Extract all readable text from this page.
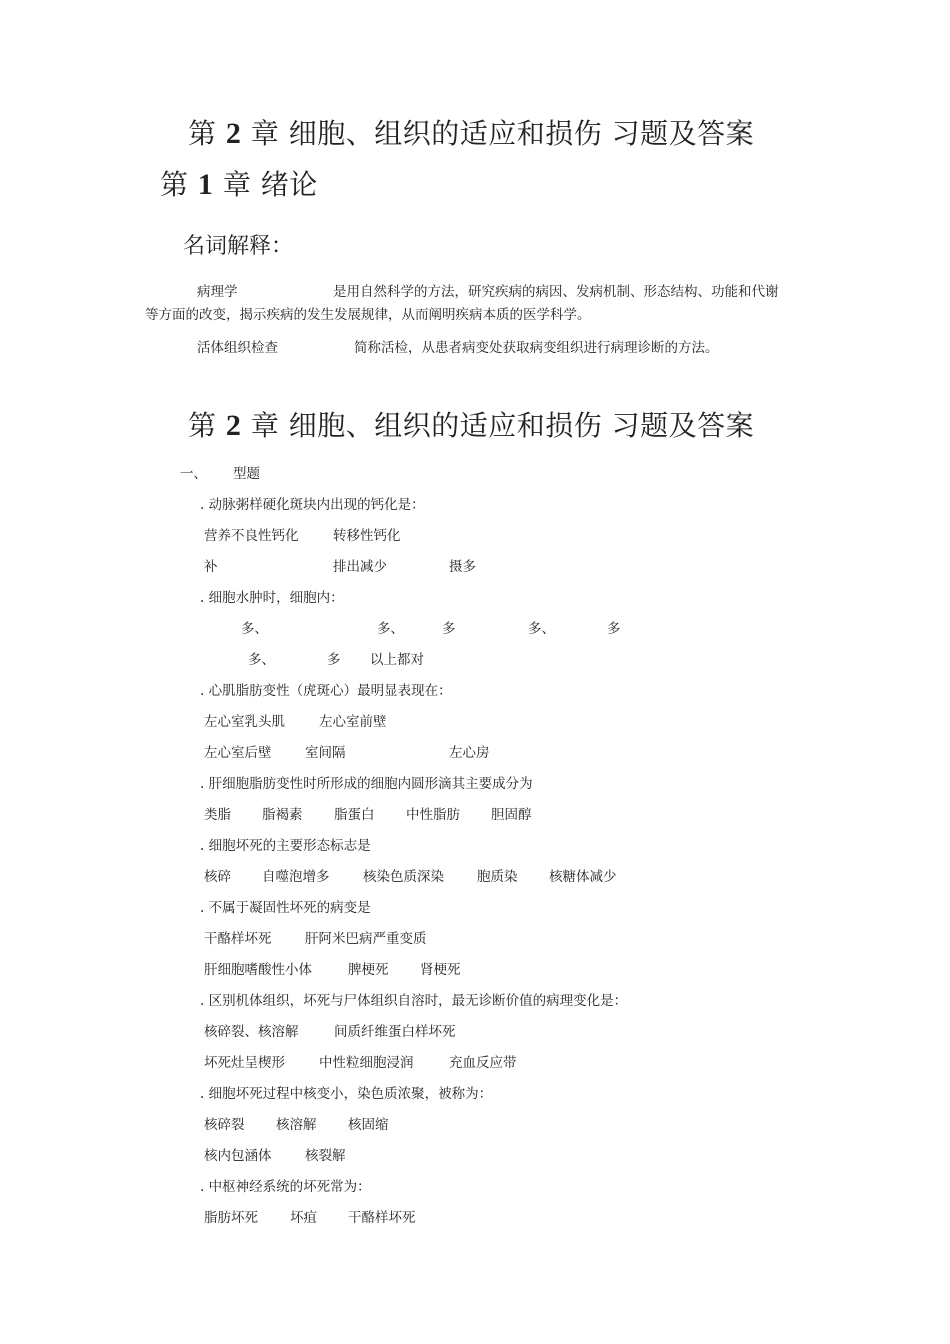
第 2 章 细胞、组织的适应和损伤 习题及答案
第 1 章 绪论
名词解释：
病理学	是用自然科学的方法，研究疾病的病因、发病机制、形态结构、功能和代谢
等方面的改变，揭示疾病的发生发展规律，从而阐明疾病本质的医学科学。
活体组织检查	简称活检，从患者病变处获取病变组织进行病理诊断的方法。
第 2 章 细胞、组织的适应和损伤 习题及答案
一、 型题
. 动脉粥样硬化斑块内出现的钙化是：
营养不良性钙化	转移性钙化
补	排出减少	摄多
. 细胞水肿时，细胞内：
多、	多、	多	多、	多
多、	多 以上都对
. 心肌脂肪变性（虎斑心）最明显表现在：
左心室乳头肌	左心室前壁
左心室后壁 室间隔	左心房
. 肝细胞脂肪变性时所形成的细胞内圆形滴其主要成分为
类脂 脂褐素 脂蛋白 中性脂肪 胆固醇
. 细胞坏死的主要形态标志是
核碎 自噬泡增多 核染色质深染 胞质染 核糖体减少
. 不属于凝固性坏死的病变是
干酪样坏死 肝阿米巴病严重变质
肝细胞嗜酸性小体	脾梗死 肾梗死
. 区别机体组织，坏死与尸体组织自溶时，最无诊断价值的病理变化是：
核碎裂、核溶解	间质纤维蛋白样坏死
坏死灶呈楔形	中性粒细胞浸润	充血反应带
. 细胞坏死过程中核变小，染色质浓聚，被称为：
核碎裂 核溶解 核固缩
核内包涵体 核裂解
. 中枢神经系统的坏死常为：
脂肪坏死 坏疽 干酪样坏死
